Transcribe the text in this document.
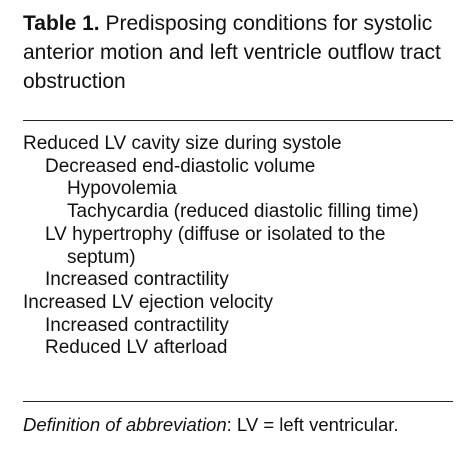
Table 1. Predisposing conditions for systolic anterior motion and left ventricle outflow tract obstruction
Reduced LV cavity size during systole
Decreased end-diastolic volume
Hypovolemia
Tachycardia (reduced diastolic filling time)
LV hypertrophy (diffuse or isolated to the septum)
Increased contractility
Increased LV ejection velocity
Increased contractility
Reduced LV afterload
Definition of abbreviation: LV = left ventricular.
